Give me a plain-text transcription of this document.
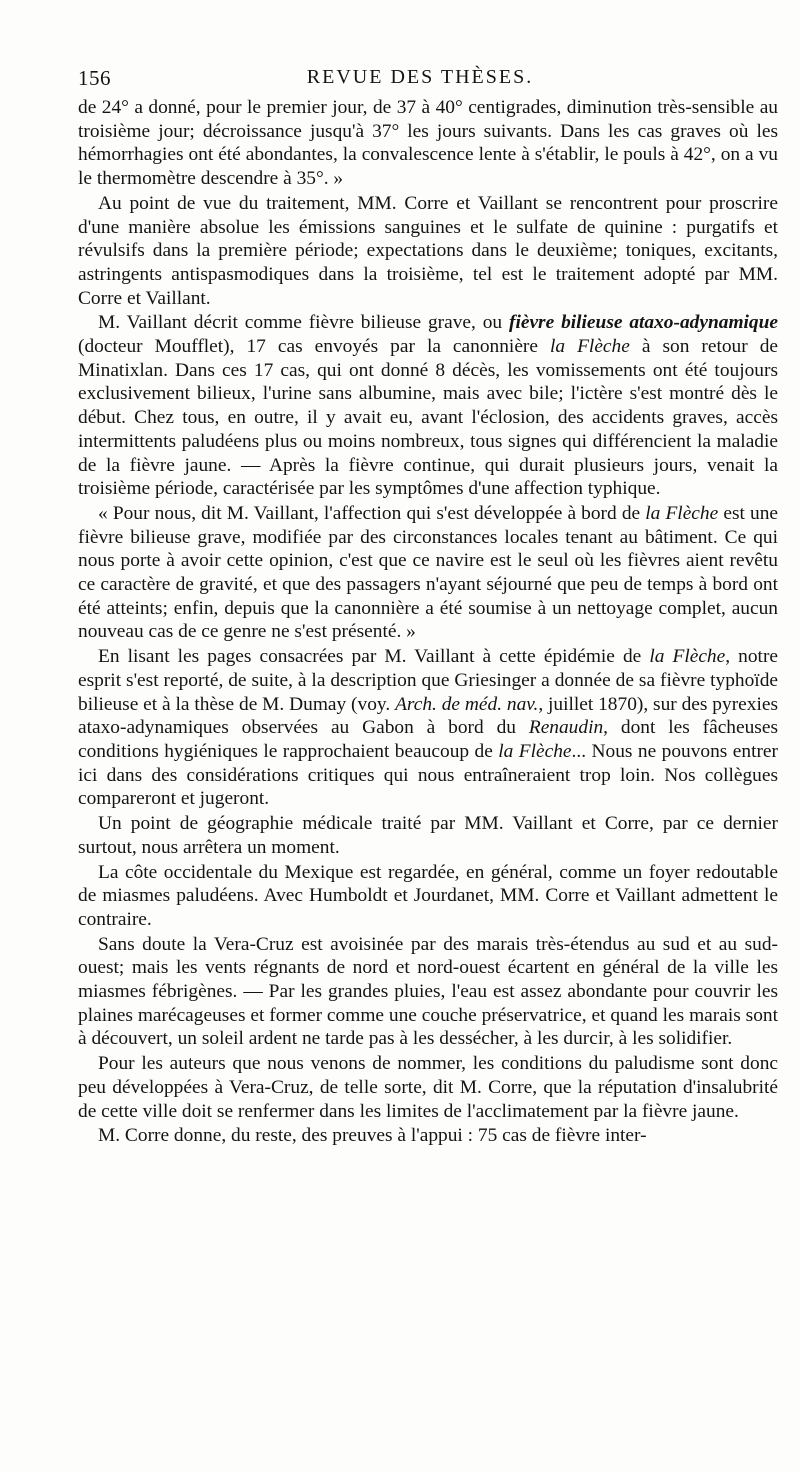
156	REVUE DES THÈSES.

de 24° a donné, pour le premier jour, de 37 à 40° centigrades, diminution très-sensible au troisième jour; décroissance jusqu'à 37° les jours suivants. Dans les cas graves où les hémorrhagies ont été abondantes, la convalescence lente à s'établir, le pouls à 42°, on a vu le thermomètre descendre à 35°. »

Au point de vue du traitement, MM. Corre et Vaillant se rencontrent pour proscrire d'une manière absolue les émissions sanguines et le sulfate de quinine : purgatifs et révulsifs dans la première période; expectations dans le deuxième; toniques, excitants, astringents antispasmodiques dans la troisième, tel est le traitement adopté par MM. Corre et Vaillant.

M. Vaillant décrit comme fièvre bilieuse grave, ou fièvre bilieuse ataxo-adynamique (docteur Moufflet), 17 cas envoyés par la canonnière la Flèche à son retour de Minatixlan. Dans ces 17 cas, qui ont donné 8 décès, les vomissements ont été toujours exclusivement bilieux, l'urine sans albumine, mais avec bile; l'ictère s'est montré dès le début. Chez tous, en outre, il y avait eu, avant l'éclosion, des accidents graves, accès intermittents paludéens plus ou moins nombreux, tous signes qui différencient la maladie de la fièvre jaune. — Après la fièvre continue, qui durait plusieurs jours, venait la troisième période, caractérisée par les symptômes d'une affection typhique.

« Pour nous, dit M. Vaillant, l'affection qui s'est développée à bord de la Flèche est une fièvre bilieuse grave, modifiée par des circonstances locales tenant au bâtiment. Ce qui nous porte à avoir cette opinion, c'est que ce navire est le seul où les fièvres aient revêtu ce caractère de gravité, et que des passagers n'ayant séjourné que peu de temps à bord ont été atteints; enfin, depuis que la canonnière a été soumise à un nettoyage complet, aucun nouveau cas de ce genre ne s'est présenté. »

En lisant les pages consacrées par M. Vaillant à cette épidémie de la Flèche, notre esprit s'est reporté, de suite, à la description que Griesinger a donnée de sa fièvre typhoïde bilieuse et à la thèse de M. Dumay (voy. Arch. de méd. nav., juillet 1870), sur des pyrexies ataxo-adynamiques observées au Gabon à bord du Renaudin, dont les fâcheuses conditions hygiéniques le rapprochaient beaucoup de la Flèche... Nous ne pouvons entrer ici dans des considérations critiques qui nous entraîneraient trop loin. Nos collègues compareront et jugeront.

Un point de géographie médicale traité par MM. Vaillant et Corre, par ce dernier surtout, nous arrêtera un moment.

La côte occidentale du Mexique est regardée, en général, comme un foyer redoutable de miasmes paludéens. Avec Humboldt et Jourdanet, MM. Corre et Vaillant admettent le contraire.

Sans doute la Vera-Cruz est avoisinée par des marais très-étendus au sud et au sud-ouest; mais les vents régnants de nord et nord-ouest écartent en général de la ville les miasmes fébrigènes. — Par les grandes pluies, l'eau est assez abondante pour couvrir les plaines marécageuses et former comme une couche préservatrice, et quand les marais sont à découvert, un soleil ardent ne tarde pas à les dessécher, à les durcir, à les solidifier.

Pour les auteurs que nous venons de nommer, les conditions du paludisme sont donc peu développées à Vera-Cruz, de telle sorte, dit M. Corre, que la réputation d'insalubrité de cette ville doit se renfermer dans les limites de l'acclimatement par la fièvre jaune.

M. Corre donne, du reste, des preuves à l'appui : 75 cas de fièvre inter-
